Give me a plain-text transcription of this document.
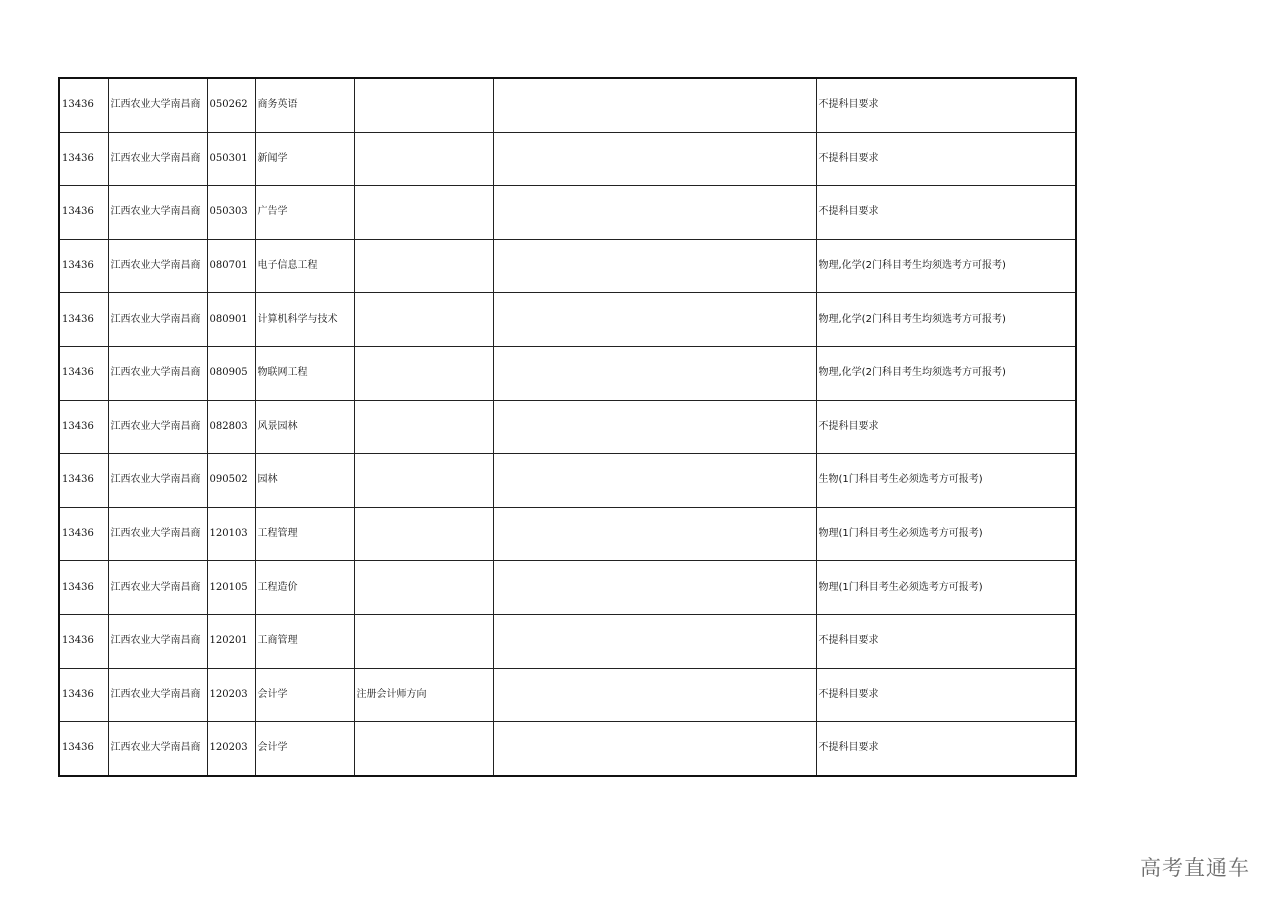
13436	江西农业大学南昌商	050262	商务英语			不提科目要求
13436	江西农业大学南昌商	050301	新闻学			不提科目要求
13436	江西农业大学南昌商	050303	广告学			不提科目要求
13436	江西农业大学南昌商	080701	电子信息工程			物理,化学(2门科目考生均须选考方可报考)
13436	江西农业大学南昌商	080901	计算机科学与技术			物理,化学(2门科目考生均须选考方可报考)
13436	江西农业大学南昌商	080905	物联网工程			物理,化学(2门科目考生均须选考方可报考)
13436	江西农业大学南昌商	082803	风景园林			不提科目要求
13436	江西农业大学南昌商	090502	园林			生物(1门科目考生必须选考方可报考)
13436	江西农业大学南昌商	120103	工程管理			物理(1门科目考生必须选考方可报考)
13436	江西农业大学南昌商	120105	工程造价			物理(1门科目考生必须选考方可报考)
13436	江西农业大学南昌商	120201	工商管理			不提科目要求
13436	江西农业大学南昌商	120203	会计学	注册会计师方向		不提科目要求
13436	江西农业大学南昌商	120203	会计学			不提科目要求
高考直通车
